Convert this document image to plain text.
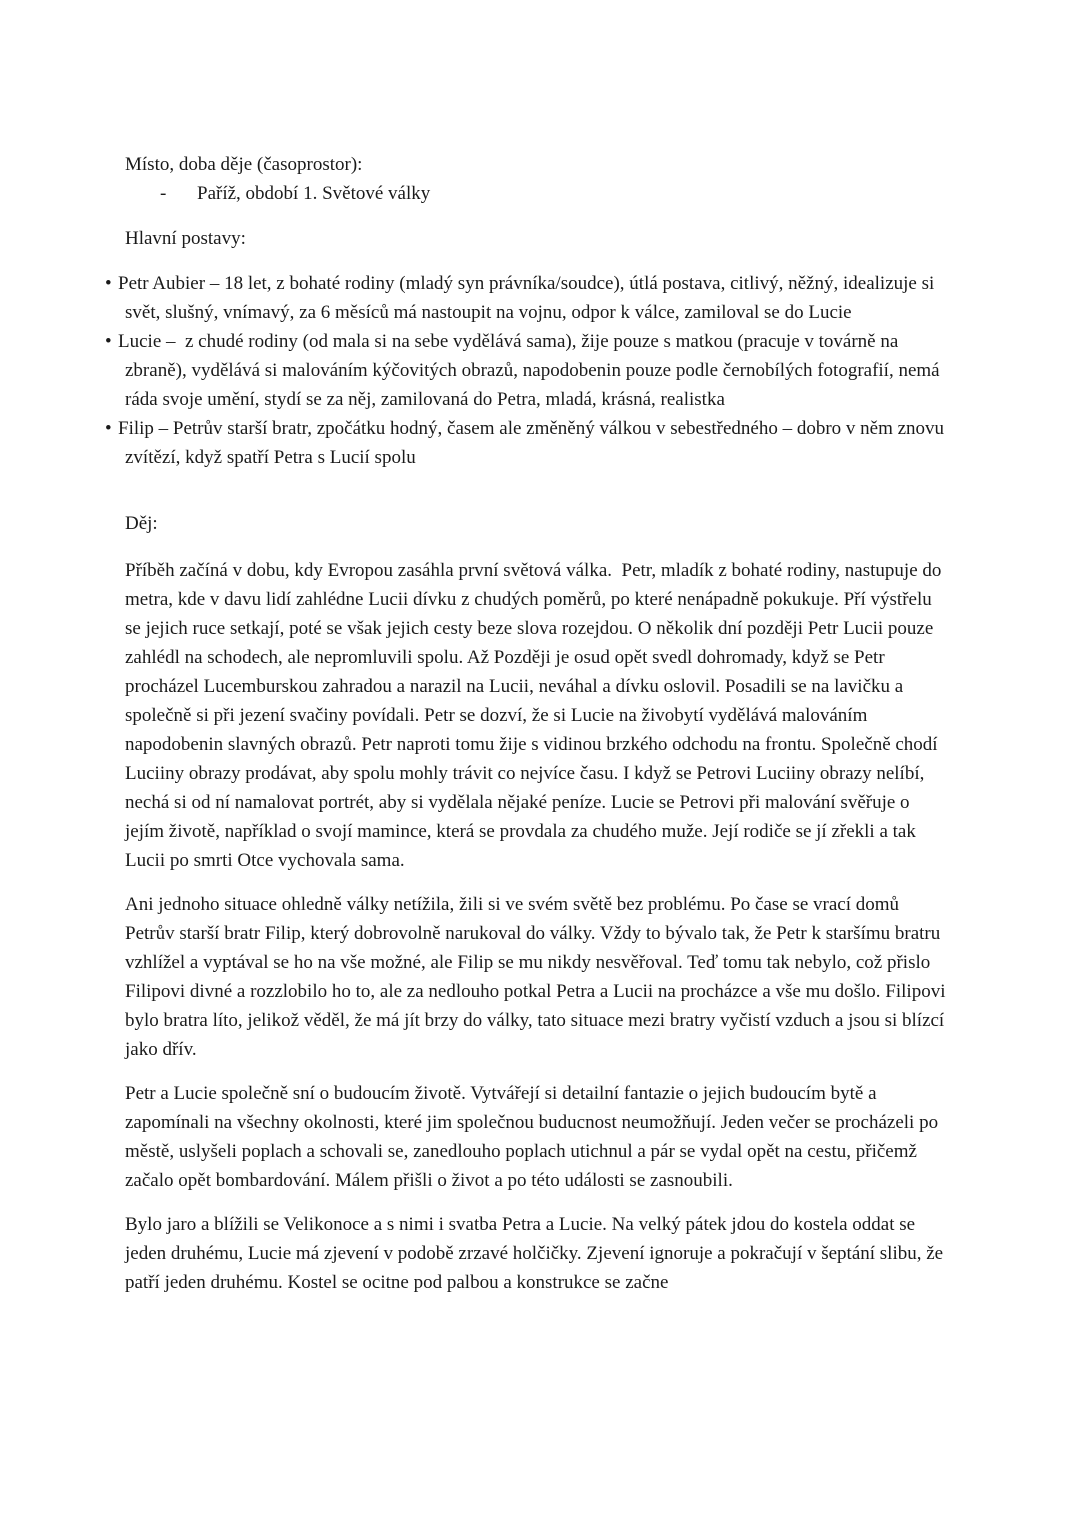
Místo, doba děje (časoprostor):

- Paříž, období 1. Světové války

Hlavní postavy:

• Petr Aubier – 18 let, z bohaté rodiny (mladý syn právníka/soudce), útlá postava, citlivý, něžný, idealizuje si svět, slušný, vnímavý, za 6 měsíců má nastoupit na vojnu, odpor k válce, zamiloval se do Lucie
• Lucie –  z chudé rodiny (od mala si na sebe vydělává sama), žije pouze s matkou (pracuje v továrně na zbraně), vydělává si malováním kýčovitých obrazů, napodobenin pouze podle černobílých fotografií, nemá ráda svoje umění, stydí se za něj, zamilovaná do Petra, mladá, krásná, realistka
• Filip – Petrův starší bratr, zpočátku hodný, časem ale změněný válkou v sebestředného – dobro v něm znovu zvítězí, když spatří Petra s Lucií spolu

Děj:

Příběh začíná v dobu, kdy Evropou zasáhla první světová válka.  Petr, mladík z bohaté rodiny, nastupuje do metra, kde v davu lidí zahlédne Lucii dívku z chudých poměrů, po které nenápadně pokukuje. Pří výstřelu se jejich ruce setkají, poté se však jejich cesty beze slova rozejdou. O několik dní později Petr Lucii pouze zahlédl na schodech, ale nepromluvili spolu. Až Později je osud opět svedl dohromady, když se Petr procházel Lucemburskou zahradou a narazil na Lucii, neváhal a dívku oslovil. Posadili se na lavičku a společně si při jezení svačiny povídali. Petr se dozví, že si Lucie na živobytí vydělává malováním napodobenin slavných obrazů. Petr naproti tomu žije s vidinou brzkého odchodu na frontu. Společně chodí Luciiny obrazy prodávat, aby spolu mohly trávit co nejvíce času. I když se Petrovi Luciiny obrazy nelíbí, nechá si od ní namalovat portrét, aby si vydělala nějaké peníze. Lucie se Petrovi při malování svěřuje o jejím životě, například o svojí mamince, která se provdala za chudého muže. Její rodiče se jí zřekli a tak Lucii po smrti Otce vychovala sama.

Ani jednoho situace ohledně války netížila, žili si ve svém světě bez problému. Po čase se vrací domů Petrův starší bratr Filip, který dobrovolně narukoval do války. Vždy to bývalo tak, že Petr k staršímu bratru vzhlížel a vyptával se ho na vše možné, ale Filip se mu nikdy nesvěřoval. Teď tomu tak nebylo, což přislo Filipovi divné a rozzlobilo ho to, ale za nedlouho potkal Petra a Lucii na procházce a vše mu došlo. Filipovi bylo bratra líto, jelikož věděl, že má jít brzy do války, tato situace mezi bratry vyčistí vzduch a jsou si blízcí jako dřív.

Petr a Lucie společně sní o budoucím životě. Vytvářejí si detailní fantazie o jejich budoucím bytě a zapomínali na všechny okolnosti, které jim společnou buducnost neumožňují. Jeden večer se procházeli po městě, uslyšeli poplach a schovali se, zanedlouho poplach utichnul a pár se vydal opět na cestu, přičemž začalo opět bombardování. Málem přišli o život a po této události se zasnoubili.

Bylo jaro a blížili se Velikonoce a s nimi i svatba Petra a Lucie. Na velký pátek jdou do kostela oddat se jeden druhému, Lucie má zjevení v podobě zrzavé holčičky. Zjevení ignoruje a pokračují v šeptání slibu, že patří jeden druhému. Kostel se ocitne pod palbou a konstrukce se začne
